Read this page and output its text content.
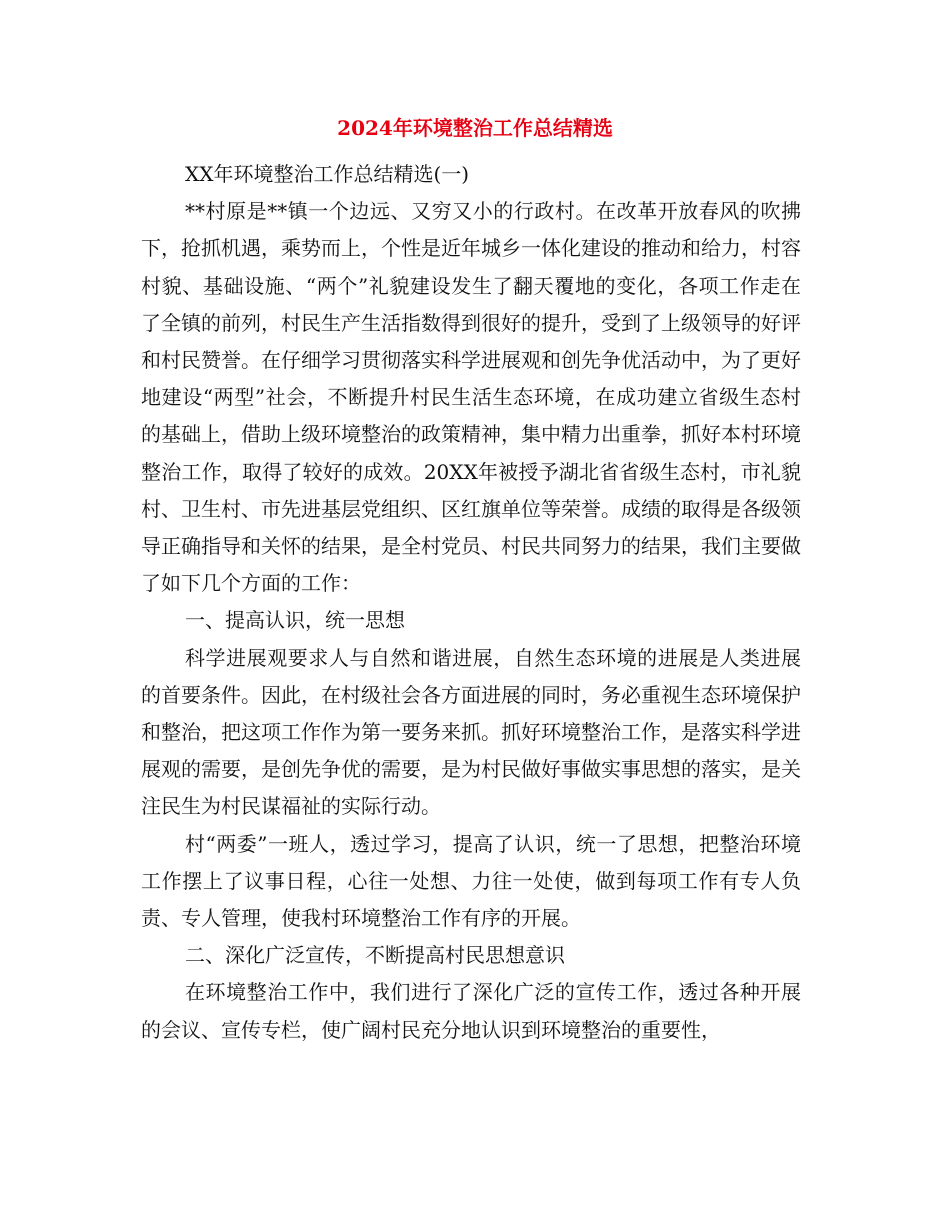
2024年环境整治工作总结精选

XX年环境整治工作总结精选(一)

**村原是**镇一个边远、又穷又小的行政村。在改革开放春风的吹拂下，抢抓机遇，乘势而上，个性是近年城乡一体化建设的推动和给力，村容村貌、基础设施、“两个”礼貌建设发生了翻天覆地的变化，各项工作走在了全镇的前列，村民生产生活指数得到很好的提升，受到了上级领导的好评和村民赞誉。在仔细学习贯彻落实科学进展观和创先争优活动中，为了更好地建设“两型”社会，不断提升村民生活生态环境，在成功建立省级生态村的基础上，借助上级环境整治的政策精神，集中精力出重拳，抓好本村环境整治工作，取得了较好的成效。20XX年被授予湖北省省级生态村，市礼貌村、卫生村、市先进基层党组织、区红旗单位等荣誉。成绩的取得是各级领导正确指导和关怀的结果，是全村党员、村民共同努力的结果，我们主要做了如下几个方面的工作：

一、提高认识，统一思想

科学进展观要求人与自然和谐进展，自然生态环境的进展是人类进展的首要条件。因此，在村级社会各方面进展的同时，务必重视生态环境保护和整治，把这项工作作为第一要务来抓。抓好环境整治工作，是落实科学进展观的需要，是创先争优的需要，是为村民做好事做实事思想的落实，是关注民生为村民谋福祉的实际行动。

村“两委”一班人，透过学习，提高了认识，统一了思想，把整治环境工作摆上了议事日程，心往一处想、力往一处使，做到每项工作有专人负责、专人管理，使我村环境整治工作有序的开展。

二、深化广泛宣传，不断提高村民思想意识

在环境整治工作中，我们进行了深化广泛的宣传工作，透过各种开展的会议、宣传专栏，使广阔村民充分地认识到环境整治的重要性，
